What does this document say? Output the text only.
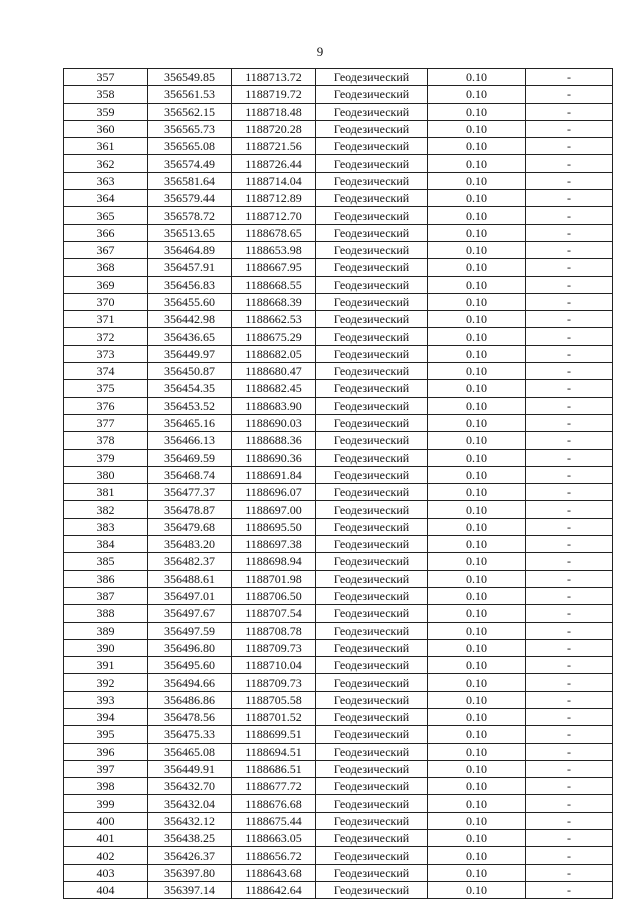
9
357	356549.85	1188713.72	Геодезический	0.10	-
358	356561.53	1188719.72	Геодезический	0.10	-
359	356562.15	1188718.48	Геодезический	0.10	-
360	356565.73	1188720.28	Геодезический	0.10	-
361	356565.08	1188721.56	Геодезический	0.10	-
362	356574.49	1188726.44	Геодезический	0.10	-
363	356581.64	1188714.04	Геодезический	0.10	-
364	356579.44	1188712.89	Геодезический	0.10	-
365	356578.72	1188712.70	Геодезический	0.10	-
366	356513.65	1188678.65	Геодезический	0.10	-
367	356464.89	1188653.98	Геодезический	0.10	-
368	356457.91	1188667.95	Геодезический	0.10	-
369	356456.83	1188668.55	Геодезический	0.10	-
370	356455.60	1188668.39	Геодезический	0.10	-
371	356442.98	1188662.53	Геодезический	0.10	-
372	356436.65	1188675.29	Геодезический	0.10	-
373	356449.97	1188682.05	Геодезический	0.10	-
374	356450.87	1188680.47	Геодезический	0.10	-
375	356454.35	1188682.45	Геодезический	0.10	-
376	356453.52	1188683.90	Геодезический	0.10	-
377	356465.16	1188690.03	Геодезический	0.10	-
378	356466.13	1188688.36	Геодезический	0.10	-
379	356469.59	1188690.36	Геодезический	0.10	-
380	356468.74	1188691.84	Геодезический	0.10	-
381	356477.37	1188696.07	Геодезический	0.10	-
382	356478.87	1188697.00	Геодезический	0.10	-
383	356479.68	1188695.50	Геодезический	0.10	-
384	356483.20	1188697.38	Геодезический	0.10	-
385	356482.37	1188698.94	Геодезический	0.10	-
386	356488.61	1188701.98	Геодезический	0.10	-
387	356497.01	1188706.50	Геодезический	0.10	-
388	356497.67	1188707.54	Геодезический	0.10	-
389	356497.59	1188708.78	Геодезический	0.10	-
390	356496.80	1188709.73	Геодезический	0.10	-
391	356495.60	1188710.04	Геодезический	0.10	-
392	356494.66	1188709.73	Геодезический	0.10	-
393	356486.86	1188705.58	Геодезический	0.10	-
394	356478.56	1188701.52	Геодезический	0.10	-
395	356475.33	1188699.51	Геодезический	0.10	-
396	356465.08	1188694.51	Геодезический	0.10	-
397	356449.91	1188686.51	Геодезический	0.10	-
398	356432.70	1188677.72	Геодезический	0.10	-
399	356432.04	1188676.68	Геодезический	0.10	-
400	356432.12	1188675.44	Геодезический	0.10	-
401	356438.25	1188663.05	Геодезический	0.10	-
402	356426.37	1188656.72	Геодезический	0.10	-
403	356397.80	1188643.68	Геодезический	0.10	-
404	356397.14	1188642.64	Геодезический	0.10	-
